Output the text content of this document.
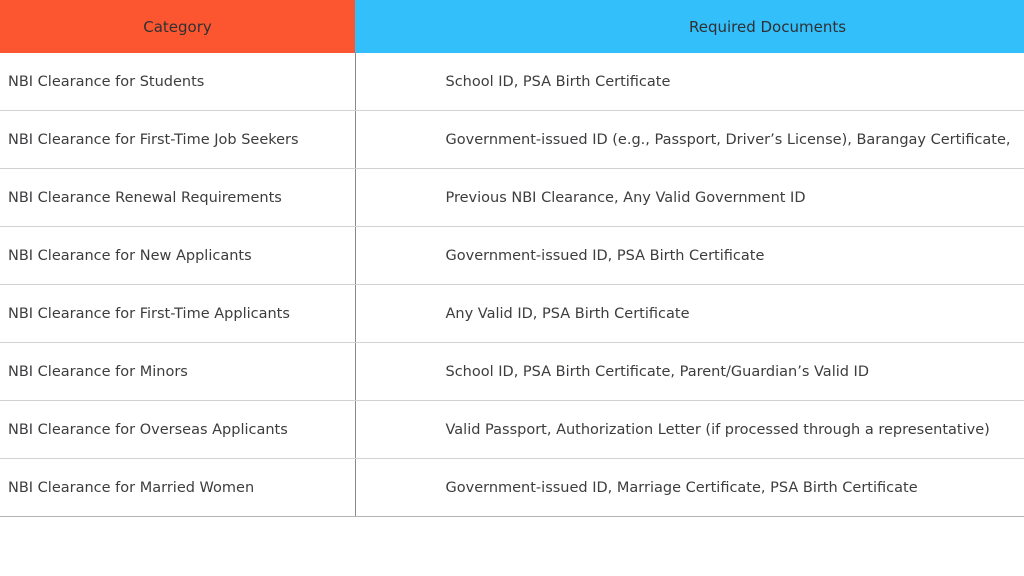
Category	Required Documents
NBI Clearance for Students	School ID, PSA Birth Certificate
NBI Clearance for First-Time Job Seekers	Government-issued ID (e.g., Passport, Driver’s License), Barangay Certificate,
NBI Clearance Renewal Requirements	Previous NBI Clearance, Any Valid Government ID
NBI Clearance for New Applicants	Government-issued ID, PSA Birth Certificate
NBI Clearance for First-Time Applicants	Any Valid ID, PSA Birth Certificate
NBI Clearance for Minors	School ID, PSA Birth Certificate, Parent/Guardian’s Valid ID
NBI Clearance for Overseas Applicants	Valid Passport, Authorization Letter (if processed through a representative)
NBI Clearance for Married Women	Government-issued ID, Marriage Certificate, PSA Birth Certificate
